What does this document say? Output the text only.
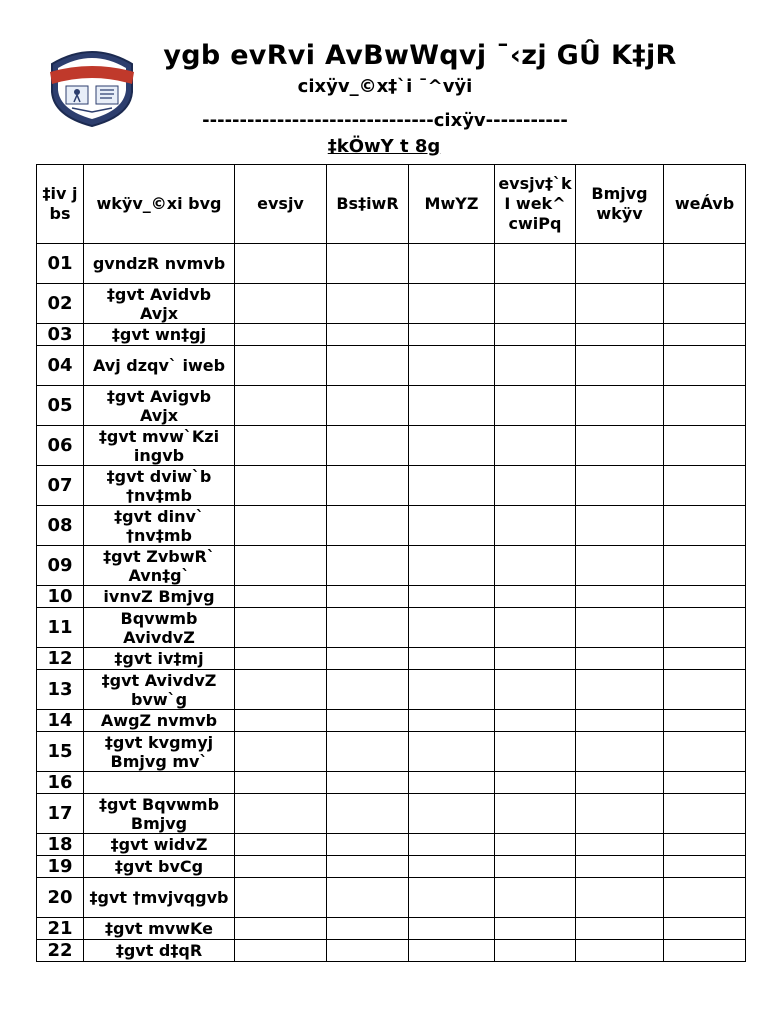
ygb evRvi AvBwWqvj ¯‹zj GÛ K‡jR
cixÿv_©x‡`i ¯^vÿi
-------------------------------cixÿv-----------
‡kÖwY t 8g
‡iv j bs	wkÿv_©xi bvg	evsjv	Bs‡iwR	MwYZ	evsjv‡`k I wek^ cwiPq	Bmjvg wkÿv	weÁvb
01	gvndzR nvmvb						
02	‡gvt Avidvb Avjx						
03	‡gvt wn‡gj						
04	Avj dzqv` iweb						
05	‡gvt Avigvb Avjx						
06	‡gvt mvw`Kzi ingvb						
07	‡gvt dviw`b †nv‡mb						
08	‡gvt dinv` †nv‡mb						
09	‡gvt ZvbwR` Avn‡g`						
10	ivnvZ Bmjvg						
11	Bqvwmb AvivdvZ						
12	‡gvt iv‡mj						
13	‡gvt AvivdvZ bvw`g						
14	AwgZ nvmvb						
15	‡gvt kvgmyj Bmjvg mv`						
16							
17	‡gvt Bqvwmb Bmjvg						
18	‡gvt widvZ						
19	‡gvt bvCg						
20	‡gvt †mvjvqgvb						
21	‡gvt mvwKe						
22	‡gvt d‡qR						
